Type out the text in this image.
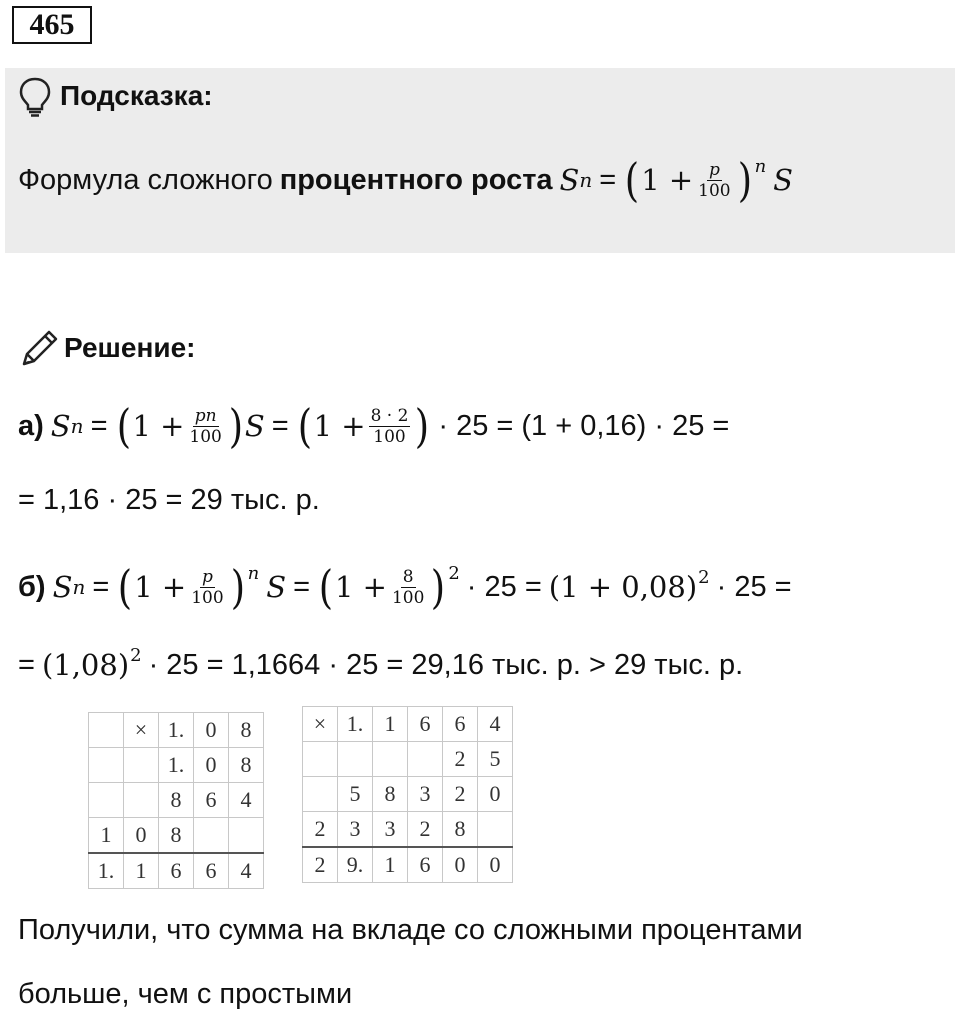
465
Подсказка:
Формула сложного процентного роста S n = ( $1 + \frac{p}{100} )^n$ S
Решение:
а) S n = ( $1 + \frac{pn}{100}$ ) S = ( $1 + \frac{8 \cdot 2}{100}$ ) · 25 = (1 + 0,16) · 25 =
= 1,16 · 25 = 29 тыс. р.
б) S n = ( $1 + \frac{p}{100} )^n$ S = ( $1 + \frac{8}{100} )^2 \cdot 25 = (1 + 0,08)^2 \cdot 25$ =
= $(1,08)^2 \cdot 25 = 1,1664 \cdot 25 = 29,16$ тыс. р. > 29 тыс. р.
	×	1.	0	8
		1.	0	8
		8	6	4
1	0	8		
1.	1	6	6	4
×	1.	1	6	6	4
				2	5
	5	8	3	2	0
2	3	3	2	8	
2	9.	1	6	0	0
Получили, что сумма на вкладе со сложными процентами
больше, чем с простыми
